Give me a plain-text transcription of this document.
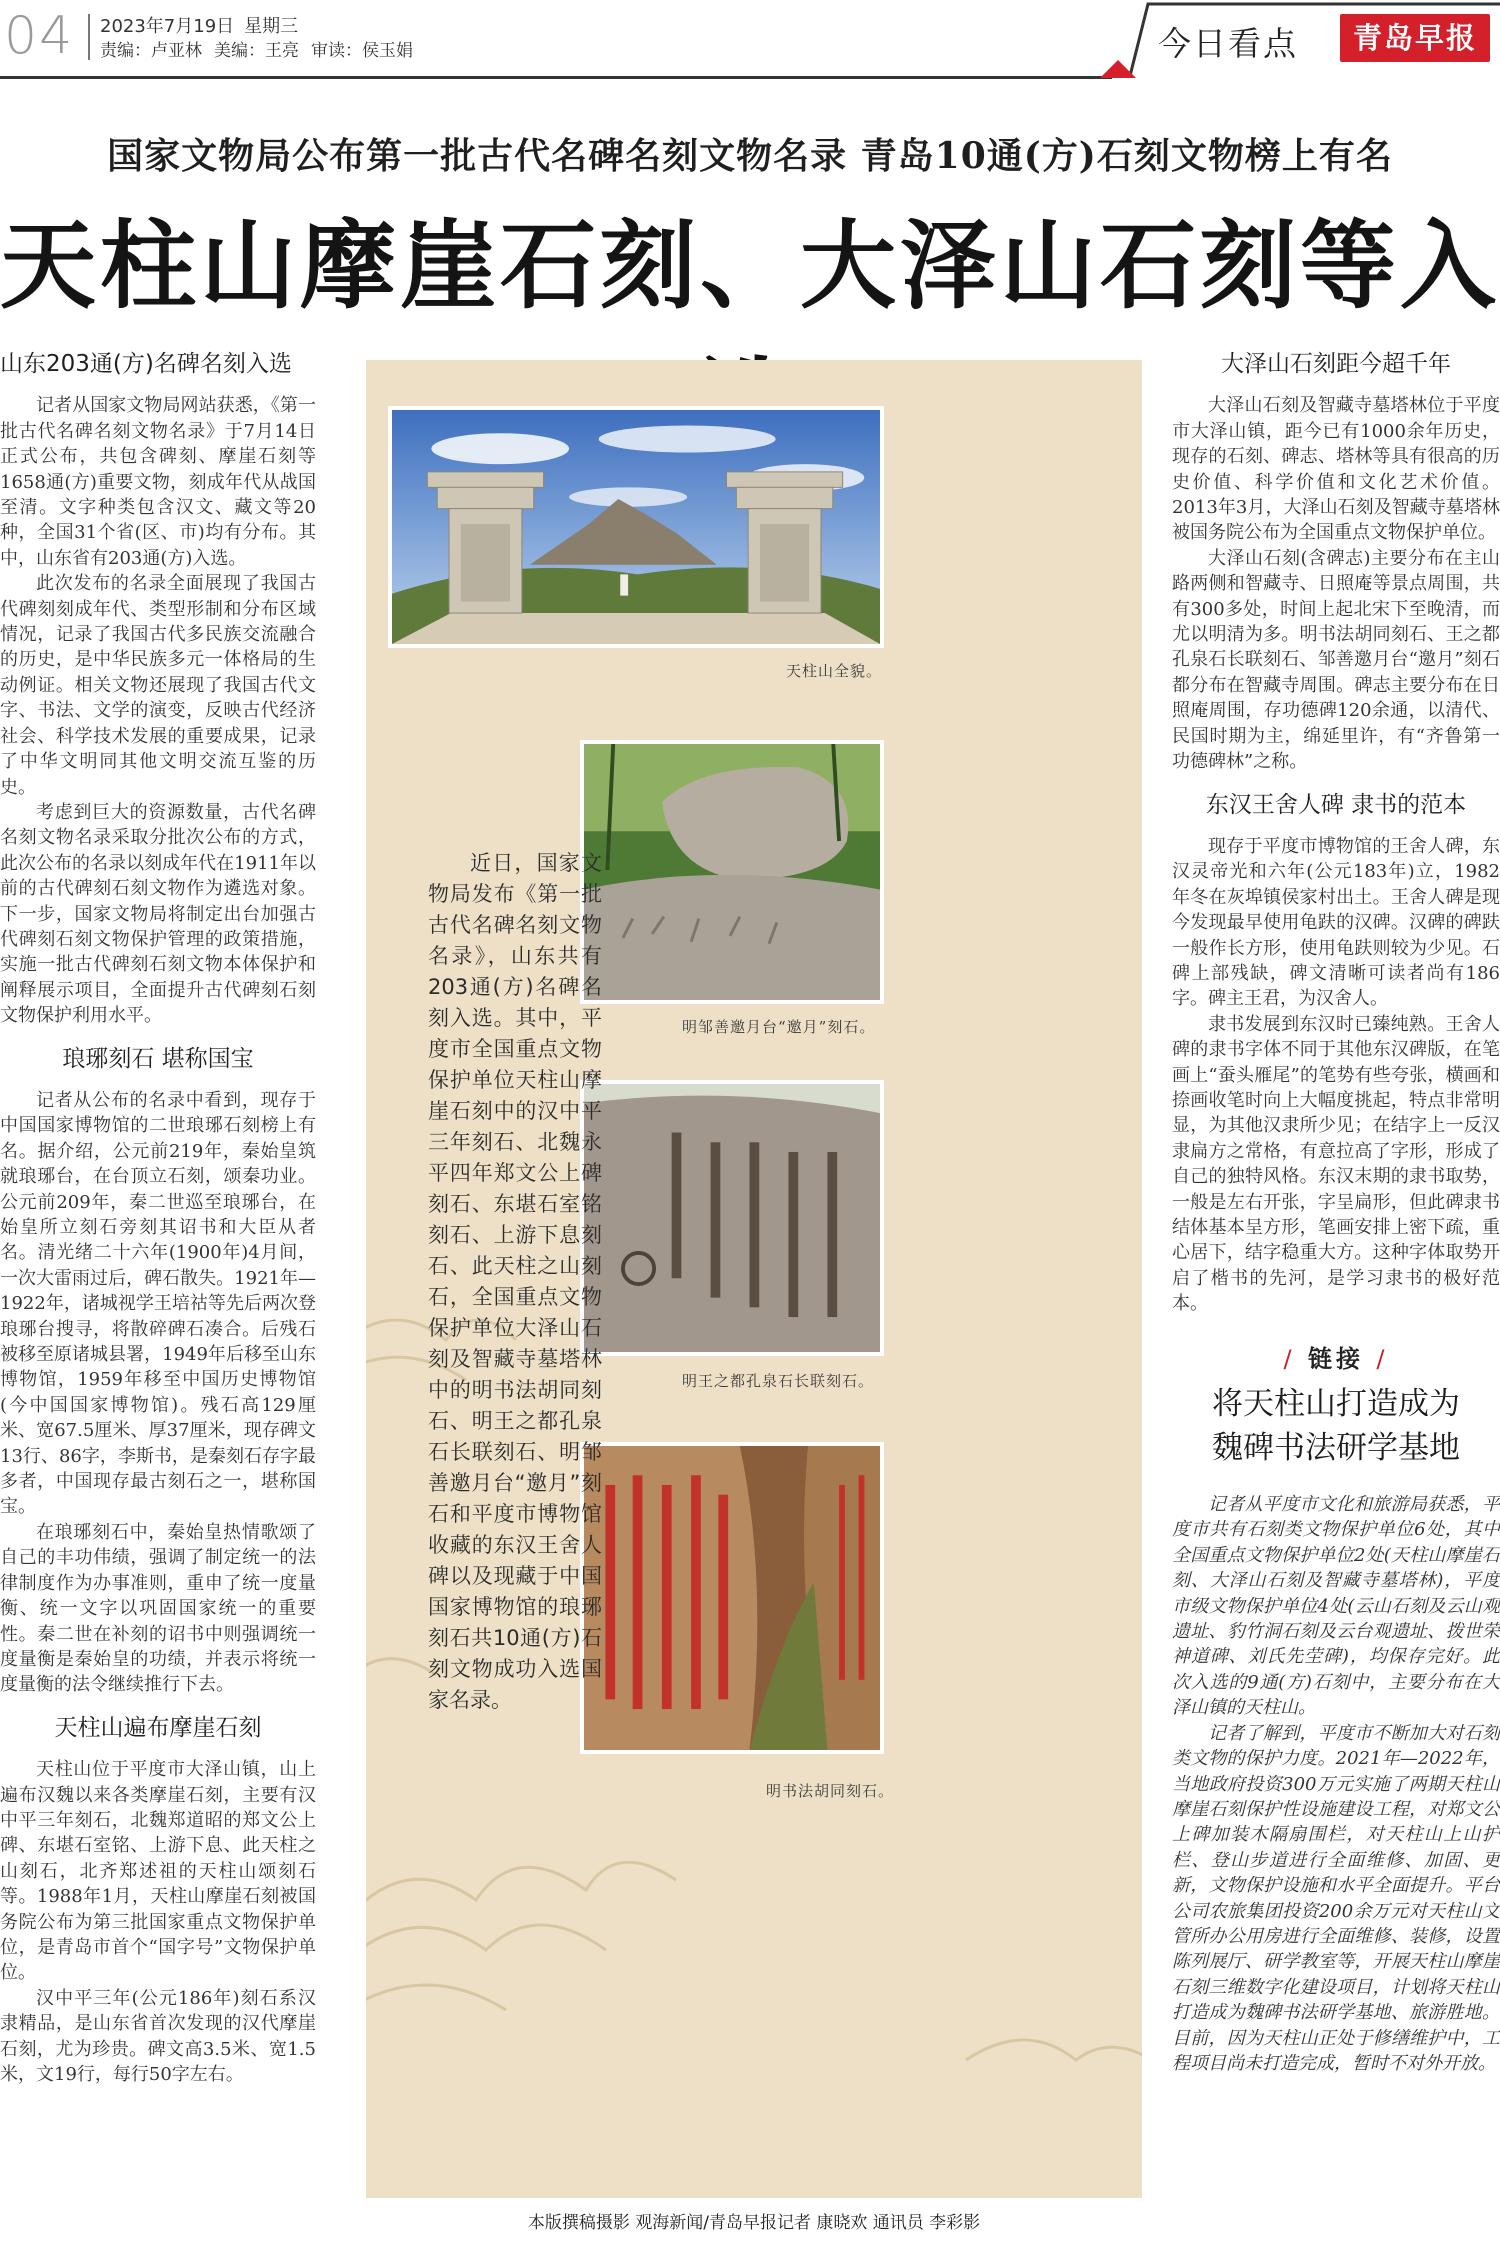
04 2023年7月19日 星期三
责编：卢亚林 美编：王亮 审读：侯玉娟	今日看点	青岛早报
国家文物局公布第一批古代名碑名刻文物名录 青岛10通(方)石刻文物榜上有名
天柱山摩崖石刻、大泽山石刻等入
山东203通(方)名碑名刻入选

记者从国家文物局网站获悉，《第一批古代名碑名刻文物名录》于7月14日正式公布，共包含碑刻、摩崖石刻等1658通(方)重要文物，刻成年代从战国至清。文字种类包含汉文、藏文等20种，全国31个省(区、市)均有分布。其中，山东省有203通(方)入选。

此次发布的名录全面展现了我国古代碑刻刻成年代、类型形制和分布区域情况，记录了我国古代多民族交流融合的历史，是中华民族多元一体格局的生动例证。相关文物还展现了我国古代文字、书法、文学的演变，反映古代经济社会、科学技术发展的重要成果，记录了中华文明同其他文明交流互鉴的历史。

考虑到巨大的资源数量，古代名碑名刻文物名录采取分批次公布的方式，此次公布的名录以刻成年代在1911年以前的古代碑刻石刻文物作为遴选对象。下一步，国家文物局将制定出台加强古代碑刻石刻文物保护管理的政策措施，实施一批古代碑刻石刻文物本体保护和阐释展示项目，全面提升古代碑刻石刻文物保护利用水平。

琅琊刻石 堪称国宝

记者从公布的名录中看到，现存于中国国家博物馆的二世琅琊石刻榜上有名。据介绍，公元前219年，秦始皇筑就琅琊台，在台顶立石刻，颂秦功业。公元前209年，秦二世巡至琅琊台，在始皇所立刻石旁刻其诏书和大臣从者名。清光绪二十六年(1900年)4月间，一次大雷雨过后，碑石散失。1921年—1922年，诸城视学王培祜等先后两次登琅琊台搜寻，将散碎碑石凑合。后残石被移至原诸城县署，1949年后移至山东博物馆，1959年移至中国历史博物馆(今中国国家博物馆)。残石高129厘米、宽67.5厘米、厚37厘米，现存碑文13行、86字，李斯书，是秦刻石存字最多者，中国现存最古刻石之一，堪称国宝。

在琅琊刻石中，秦始皇热情歌颂了自己的丰功伟绩，强调了制定统一的法律制度作为办事准则，重申了统一度量衡、统一文字以巩固国家统一的重要性。秦二世在补刻的诏书中则强调统一度量衡是秦始皇的功绩，并表示将统一度量衡的法令继续推行下去。

天柱山遍布摩崖石刻

天柱山位于平度市大泽山镇，山上遍布汉魏以来各类摩崖石刻，主要有汉中平三年刻石，北魏郑道昭的郑文公上碑、东堪石室铭、上游下息、此天柱之山刻石，北齐郑述祖的天柱山颂刻石等。1988年1月，天柱山摩崖石刻被国务院公布为第三批国家重点文物保护单位，是青岛市首个“国字号”文物保护单位。

汉中平三年(公元186年)刻石系汉隶精品，是山东省首次发现的汉代摩崖石刻，尤为珍贵。碑文高3.5米、宽1.5米，文19行，每行50字左右。

天柱山全貌。
明邹善邀月台“邀月”刻石。
明王之都孔泉石长联刻石。
明书法胡同刻石。

近日，国家文物局发布《第一批古代名碑名刻文物名录》，山东共有203通(方)名碑名刻入选。其中，平度市全国重点文物保护单位天柱山摩崖石刻中的汉中平三年刻石、北魏永平四年郑文公上碑刻石、东堪石室铭刻石、上游下息刻石、此天柱之山刻石，全国重点文物保护单位大泽山石刻及智藏寺墓塔林中的明书法胡同刻石、明王之都孔泉石长联刻石、明邹善邀月台“邀月”刻石和平度市博物馆收藏的东汉王舍人碑以及现藏于中国国家博物馆的琅琊刻石共10通(方)石刻文物成功入选国家名录。

大泽山石刻距今超千年

大泽山石刻及智藏寺墓塔林位于平度市大泽山镇，距今已有1000余年历史，现存的石刻、碑志、塔林等具有很高的历史价值、科学价值和文化艺术价值。2013年3月，大泽山石刻及智藏寺墓塔林被国务院公布为全国重点文物保护单位。

大泽山石刻(含碑志)主要分布在主山路两侧和智藏寺、日照庵等景点周围，共有300多处，时间上起北宋下至晚清，而尤以明清为多。明书法胡同刻石、王之都孔泉石长联刻石、邹善邀月台“邀月”刻石都分布在智藏寺周围。碑志主要分布在日照庵周围，存功德碑120余通，以清代、民国时期为主，绵延里许，有“齐鲁第一功德碑林”之称。

东汉王舍人碑 隶书的范本

现存于平度市博物馆的王舍人碑，东汉灵帝光和六年(公元183年)立，1982年冬在灰埠镇侯家村出土。王舍人碑是现今发现最早使用龟趺的汉碑。汉碑的碑趺一般作长方形，使用龟趺则较为少见。石碑上部残缺，碑文清晰可读者尚有186字。碑主王君，为汉舍人。

隶书发展到东汉时已臻纯熟。王舍人碑的隶书字体不同于其他东汉碑版，在笔画上“蚕头雁尾”的笔势有些夸张，横画和捺画收笔时向上大幅度挑起，特点非常明显，为其他汉隶所少见；在结字上一反汉隶扁方之常格，有意拉高了字形，形成了自己的独特风格。东汉末期的隶书取势，一般是左右开张，字呈扁形，但此碑隶书结体基本呈方形，笔画安排上密下疏，重心居下，结字稳重大方。这种字体取势开启了楷书的先河，是学习隶书的极好范本。

/ 链接 /
将天柱山打造成为
魏碑书法研学基地

记者从平度市文化和旅游局获悉，平度市共有石刻类文物保护单位6处，其中全国重点文物保护单位2处(天柱山摩崖石刻、大泽山石刻及智藏寺墓塔林)，平度市级文物保护单位4处(云山石刻及云山观遗址、豹竹洞石刻及云台观遗址、拨世荣神道碑、刘氏先茔碑)，均保存完好。此次入选的9通(方)石刻中，主要分布在大泽山镇的天柱山。

记者了解到，平度市不断加大对石刻类文物的保护力度。2021年—2022年，当地政府投资300万元实施了两期天柱山摩崖石刻保护性设施建设工程，对郑文公上碑加装木隔扇围栏，对天柱山上山护栏、登山步道进行全面维修、加固、更新，文物保护设施和水平全面提升。平台公司农旅集团投资200余万元对天柱山文管所办公用房进行全面维修、装修，设置陈列展厅、研学教室等，开展天柱山摩崖石刻三维数字化建设项目，计划将天柱山打造成为魏碑书法研学基地、旅游胜地。目前，因为天柱山正处于修缮维护中，工程项目尚未打造完成，暂时不对外开放。

本版撰稿摄影 观海新闻/青岛早报记者 康晓欢 通讯员 李彩影
